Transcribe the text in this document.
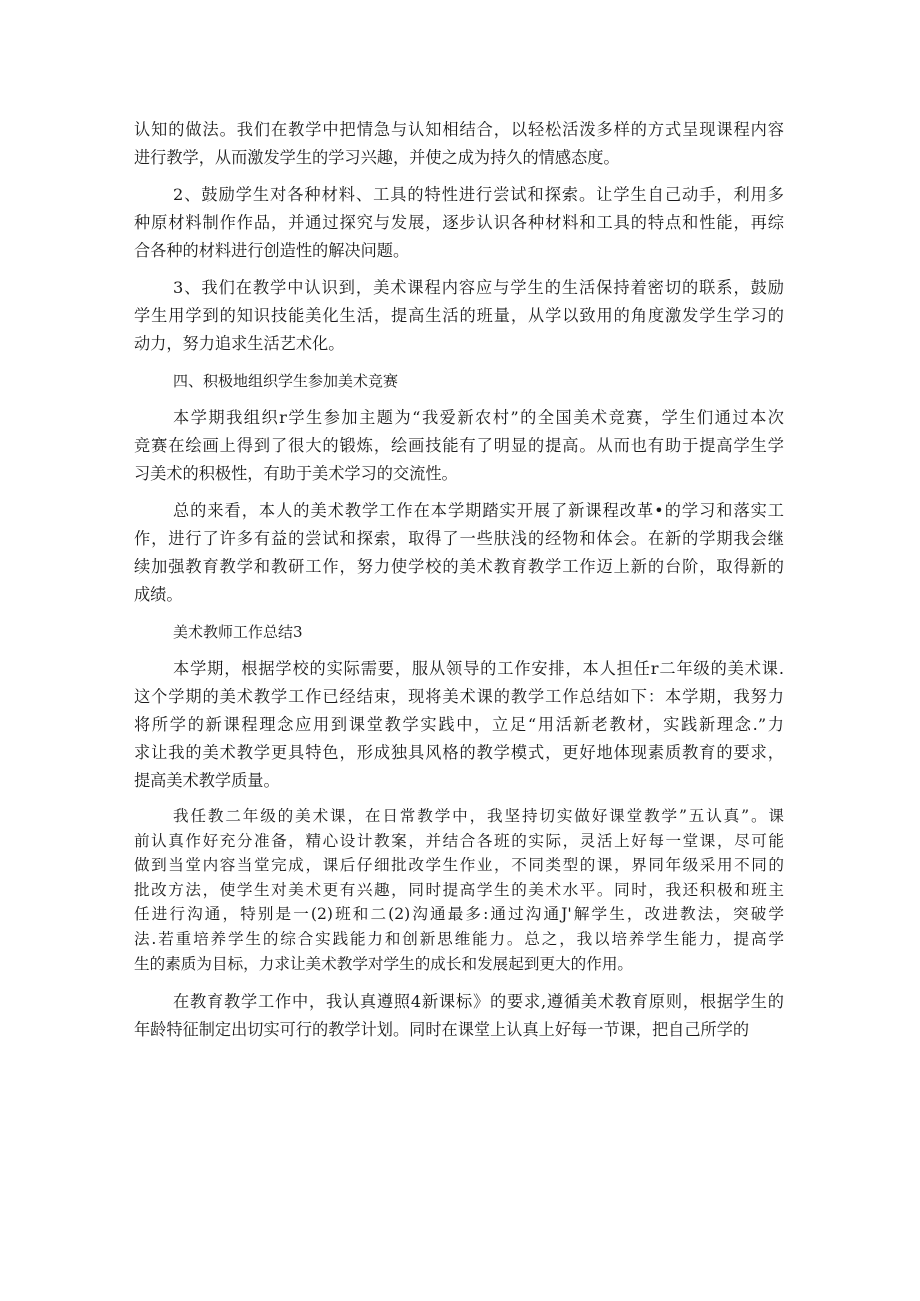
认知的做法。我们在教学中把情急与认知相结合，以轻松活泼多样的方式呈现课程内容
进行教学，从而激发学生的学习兴趣，并使之成为持久的情感态度。
2、鼓励学生对各种材料、工具的特性进行尝试和探索。让学生自己动手，利用多
种原材料制作作品，并通过探究与发展，逐步认识各种材料和工具的特点和性能，再综
合各种的材料进行创造性的解决问题。
3、我们在教学中认识到，美术课程内容应与学生的生活保持着密切的联系，鼓励
学生用学到的知识技能美化生活，提高生活的班量，从学以致用的角度激发学生学习的
动力，努力追求生活艺术化。
四、积极地组织学生参加美术竞赛
本学期我组织r学生参加主题为“我爱新农村”的全国美术竞赛，学生们通过本次
竞赛在绘画上得到了很大的锻炼，绘画技能有了明显的提高。从而也有助于提高学生学
习美术的积极性，有助于美术学习的交流性。
总的来看，本人的美术教学工作在本学期踏实开展了新课程改革•的学习和落实工
作，进行了许多有益的尝试和探索，取得了一些肤浅的经物和体会。在新的学期我会继
续加强教育教学和教研工作，努力使学校的美术教育教学工作迈上新的台阶，取得新的
成绩。
美术教师工作总结3
本学期，根据学校的实际需要，服从领导的工作安排，本人担任r二年级的美术课.
这个学期的美术教学工作已经结束，现将美术课的教学工作总结如下：本学期，我努力
将所学的新课程理念应用到课堂教学实践中，立足“用活新老教材，实践新理念.”力
求让我的美术教学更具特色，形成独具风格的教学模式，更好地体现素质教育的要求，
提高美术教学质量。
我任教二年级的美术课，在日常教学中，我坚持切实做好课堂教学”五认真”。课
前认真作好充分准备，精心设计教案，并结合各班的实际，灵活上好每一堂课，尽可能
做到当堂内容当堂完成，课后仔细批改学生作业，不同类型的课，界同年级采用不同的
批改方法，使学生对美术更有兴趣，同时提高学生的美术水平。同时，我还积极和班主
任进行沟通，特别是一(2)班和二(2)沟通最多:通过沟通J'解学生，改进教法，突破学
法.若重培养学生的综合实践能力和创新思维能力。总之，我以培养学生能力，提高学
生的素质为目标，力求让美术教学对学生的成长和发展起到更大的作用。
在教育教学工作中，我认真遵照4新课标》的要求,遵循美术教育原则，根据学生的
年龄特征制定出切实可行的教学计划。同时在课堂上认真上好每一节课，把自己所学的
